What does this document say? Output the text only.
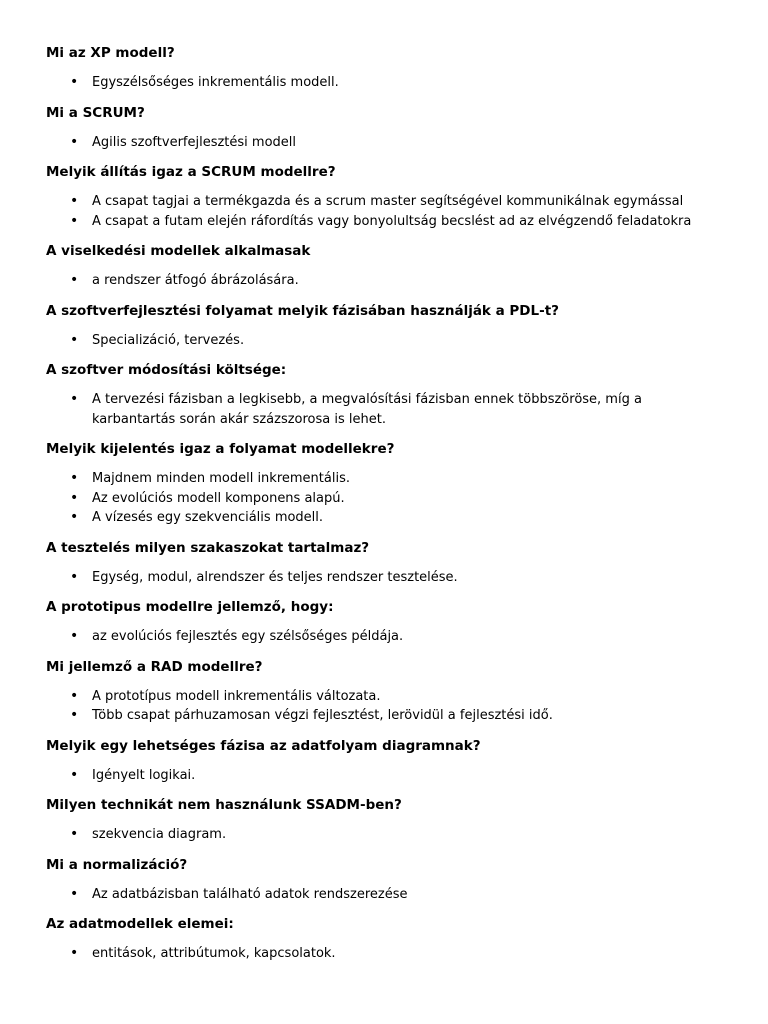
Mi az XP modell?
• Egyszélsőséges inkrementális modell.
Mi a SCRUM?
• Agilis szoftverfejlesztési modell
Melyik állítás igaz a SCRUM modellre?
• A csapat tagjai a termékgazda és a scrum master segítségével kommunikálnak egymással
• A csapat a futam elején ráfordítás vagy bonyolultság becslést ad az elvégzendő feladatokra
A viselkedési modellek alkalmasak
• a rendszer átfogó ábrázolására.
A szoftverfejlesztési folyamat melyik fázisában használják a PDL-t?
• Specializáció, tervezés.
A szoftver módosítási költsége:
• A tervezési fázisban a legkisebb, a megvalósítási fázisban ennek többszöröse, míg a karbantartás során akár százszorosa is lehet.
Melyik kijelentés igaz a folyamat modellekre?
• Majdnem minden modell inkrementális.
• Az evolúciós modell komponens alapú.
• A vízesés egy szekvenciális modell.
A tesztelés milyen szakaszokat tartalmaz?
• Egység, modul, alrendszer és teljes rendszer tesztelése.
A prototipus modellre jellemző, hogy:
• az evolúciós fejlesztés egy szélsőséges példája.
Mi jellemző a RAD modellre?
• A prototípus modell inkrementális változata.
• Több csapat párhuzamosan végzi fejlesztést, lerövidül a fejlesztési idő.
Melyik egy lehetséges fázisa az adatfolyam diagramnak?
• Igényelt logikai.
Milyen technikát nem használunk SSADM-ben?
• szekvencia diagram.
Mi a normalizáció?
• Az adatbázisban található adatok rendszerezése
Az adatmodellek elemei:
• entitások, attribútumok, kapcsolatok.
